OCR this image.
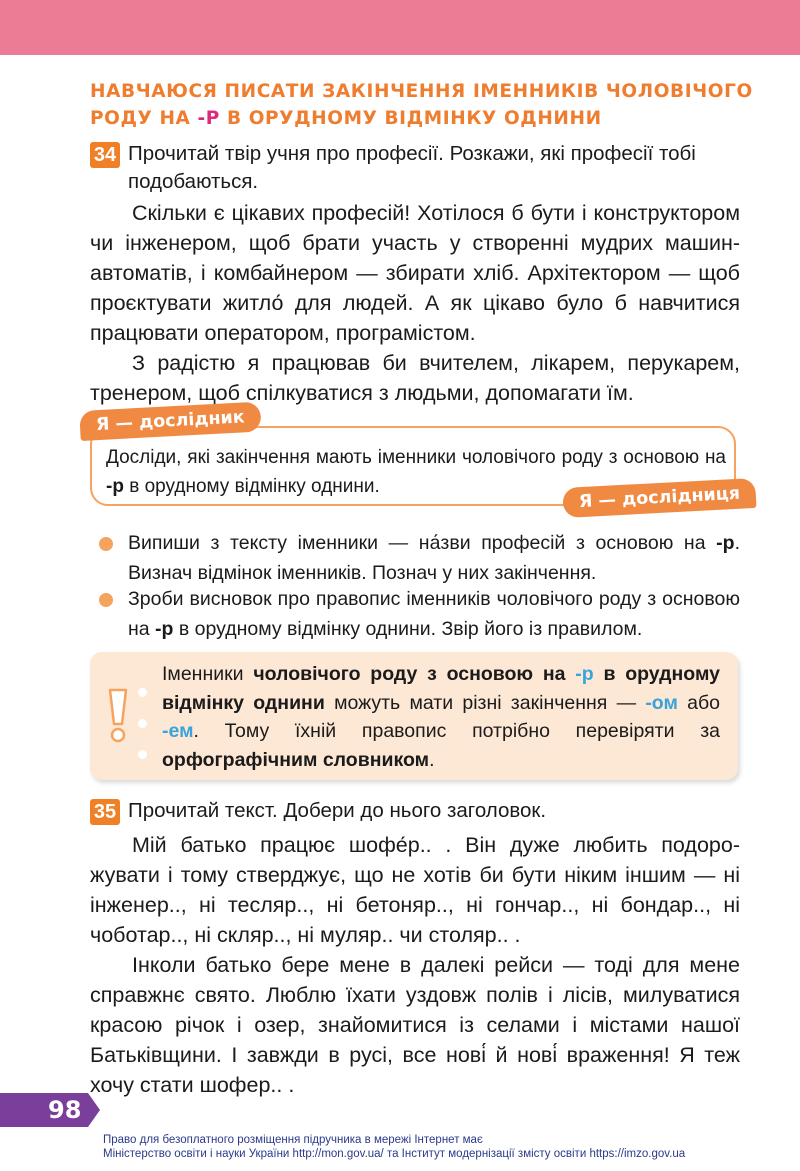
НАВЧАЮСЯ ПИСАТИ ЗАКІНЧЕННЯ ІМЕННИКІВ ЧОЛОВІЧОГО
РОДУ НА -Р В ОРУДНОМУ ВІДМІНКУ ОДНИНИ
34 Прочитай твір учня про професії. Розкажи, які професії тобі
подобаються.

Скільки є цікавих професій! Хотілося б бути і конструктором чи інженером, щоб брати участь у створенні мудрих машин-автоматів, і комбайнером — збирати хліб. Архітектором — щоб проєктувати житло́ для людей. А як цікаво було б навчитися працювати оператором, програмістом.

З радістю я працював би вчителем, лікарем, перукарем, тренером, щоб спілкуватися з людьми, допомагати їм.

Досліди, які закінчення мають іменники чоловічого роду з основою на -р в орудному відмінку однини.
Я — дослідник
Я — дослідниця
Випиши з тексту іменники — на́зви професій з основою на -р. Визнач відмінок іменників. Познач у них закінчення.
Зроби висновок про правопис іменників чоловічого роду з основою на -р в орудному відмінку однини. Звір його із правилом.
Іменники чоловічого роду з основою на -р в орудному відмінку однини можуть мати різні закінчення — -ом або -ем. Тому їхній правопис потрібно перевіряти за орфографічним словником.
35 Прочитай текст. Добери до нього заголовок.

Мій батько працює шофе́р.. . Він дуже любить подорожувати і тому стверджує, що не хотів би бути ніким іншим — ні інженер.., ні тесляр.., ні бетоняр.., ні гончар.., ні бондар.., ні чоботар.., ні скляр.., ні муляр.. чи столяр.. .

Інколи батько бере мене в далекі рейси — тоді для мене справжнє свято. Люблю їхати уздовж полів і лісів, милуватися красою річок і озер, знайомитися із селами і містами нашої Батьківщини. І завжди в русі, все нові́ й нові́ враження! Я теж хочу стати шофер.. .

98
Право для безоплатного розміщення підручника в мережі Інтернет має
Міністерство освіти і науки України http://mon.gov.ua/ та Інститут модернізації змісту освіти https://imzo.gov.ua
